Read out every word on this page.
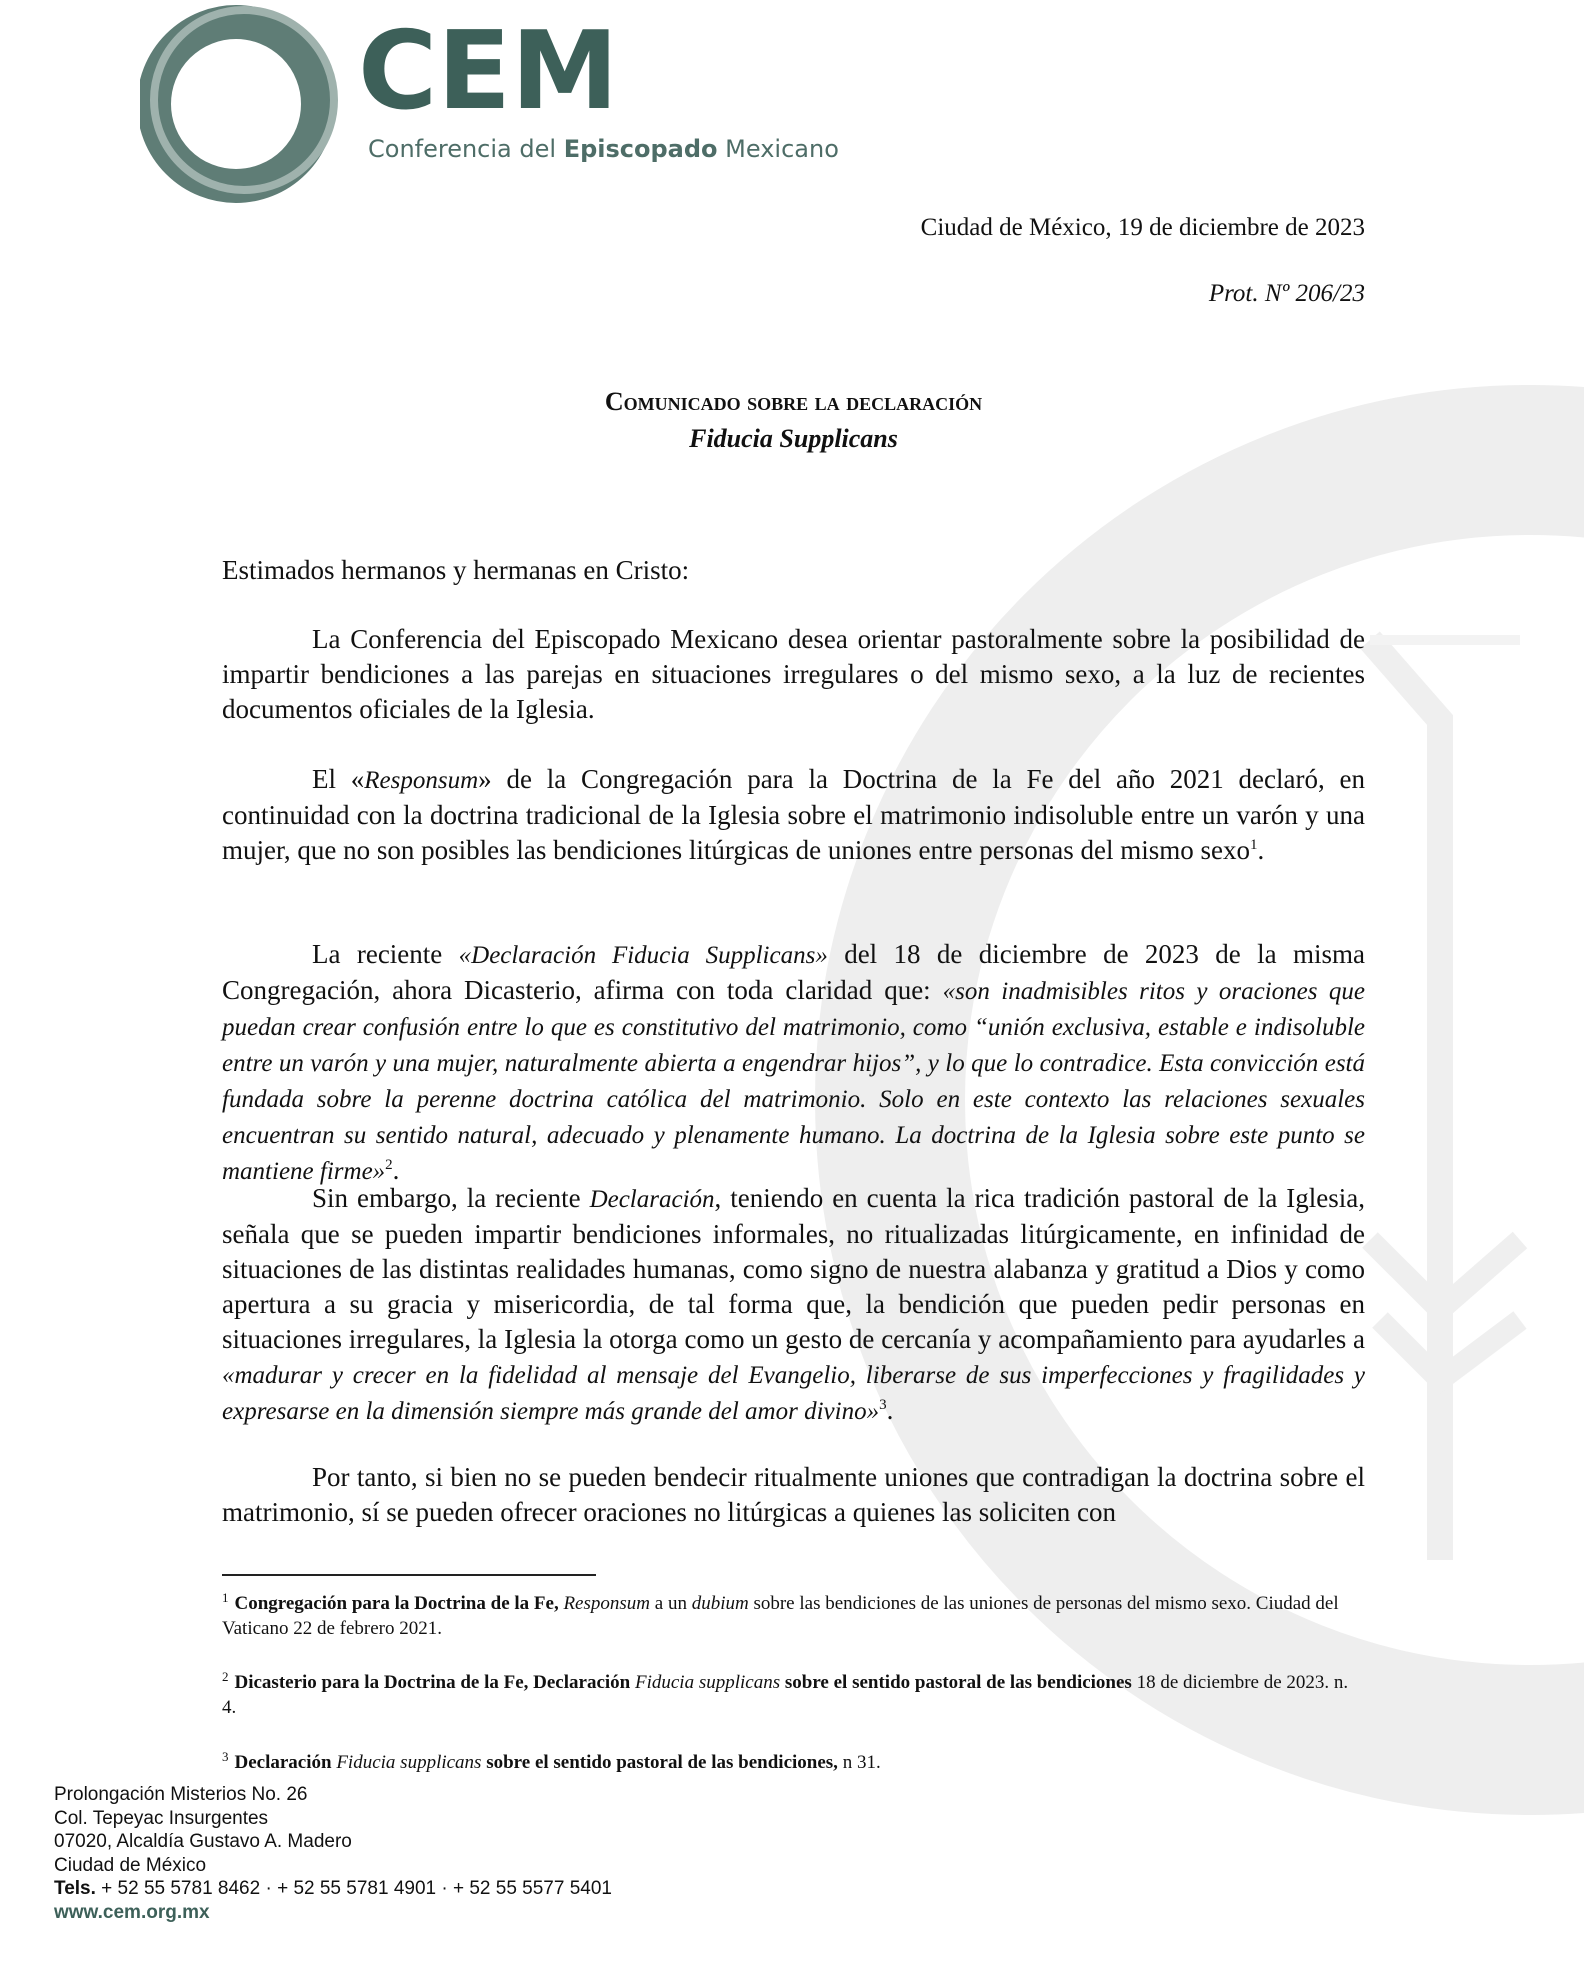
CEM
Conferencia del Episcopado Mexicano
Ciudad de México, 19 de diciembre de 2023
Prot. Nº 206/23
Comunicado sobre la declaración
Fiducia Supplicans
Estimados hermanos y hermanas en Cristo:

La Conferencia del Episcopado Mexicano desea orientar pastoralmente sobre la posibilidad de impartir bendiciones a las parejas en situaciones irregulares o del mismo sexo, a la luz de recientes documentos oficiales de la Iglesia.

El «Responsum» de la Congregación para la Doctrina de la Fe del año 2021 declaró, en continuidad con la doctrina tradicional de la Iglesia sobre el matrimonio indisoluble entre un varón y una mujer, que no son posibles las bendiciones litúrgicas de uniones entre personas del mismo sexo$^1$.

La reciente «Declaración Fiducia Supplicans» del 18 de diciembre de 2023 de la misma Congregación, ahora Dicasterio, afirma con toda claridad que: «son inadmisibles ritos y oraciones que puedan crear confusión entre lo que es constitutivo del matrimonio, como “unión exclusiva, estable e indisoluble entre un varón y una mujer, naturalmente abierta a engendrar hijos”, y lo que lo contradice. Esta convicción está fundada sobre la perenne doctrina católica del matrimonio. Solo en este contexto las relaciones sexuales encuentran su sentido natural, adecuado y plenamente humano. La doctrina de la Iglesia sobre este punto se mantiene firme»$^2$.

Sin embargo, la reciente Declaración, teniendo en cuenta la rica tradición pastoral de la Iglesia, señala que se pueden impartir bendiciones informales, no ritualizadas litúrgicamente, en infinidad de situaciones de las distintas realidades humanas, como signo de nuestra alabanza y gratitud a Dios y como apertura a su gracia y misericordia, de tal forma que, la bendición que pueden pedir personas en situaciones irregulares, la Iglesia la otorga como un gesto de cercanía y acompañamiento para ayudarles a «madurar y crecer en la fidelidad al mensaje del Evangelio, liberarse de sus imperfecciones y fragilidades y expresarse en la dimensión siempre más grande del amor divino»$^3$.

Por tanto, si bien no se pueden bendecir ritualmente uniones que contradigan la doctrina sobre el matrimonio, sí se pueden ofrecer oraciones no litúrgicas a quienes las soliciten con

$^1$ Congregación para la Doctrina de la Fe, Responsum a un dubium sobre las bendiciones de las uniones de personas del mismo sexo. Ciudad del Vaticano 22 de febrero 2021.

$^2$ Dicasterio para la Doctrina de la Fe, Declaración Fiducia supplicans sobre el sentido pastoral de las bendiciones 18 de diciembre de 2023. n. 4.

$^3$ Declaración Fiducia supplicans sobre el sentido pastoral de las bendiciones, n 31.

Prolongación Misterios No. 26
Col. Tepeyac Insurgentes
07020, Alcaldía Gustavo A. Madero
Ciudad de México
Tels. + 52 55 5781 8462 · + 52 55 5781 4901 · + 52 55 5577 5401
www.cem.org.mx
